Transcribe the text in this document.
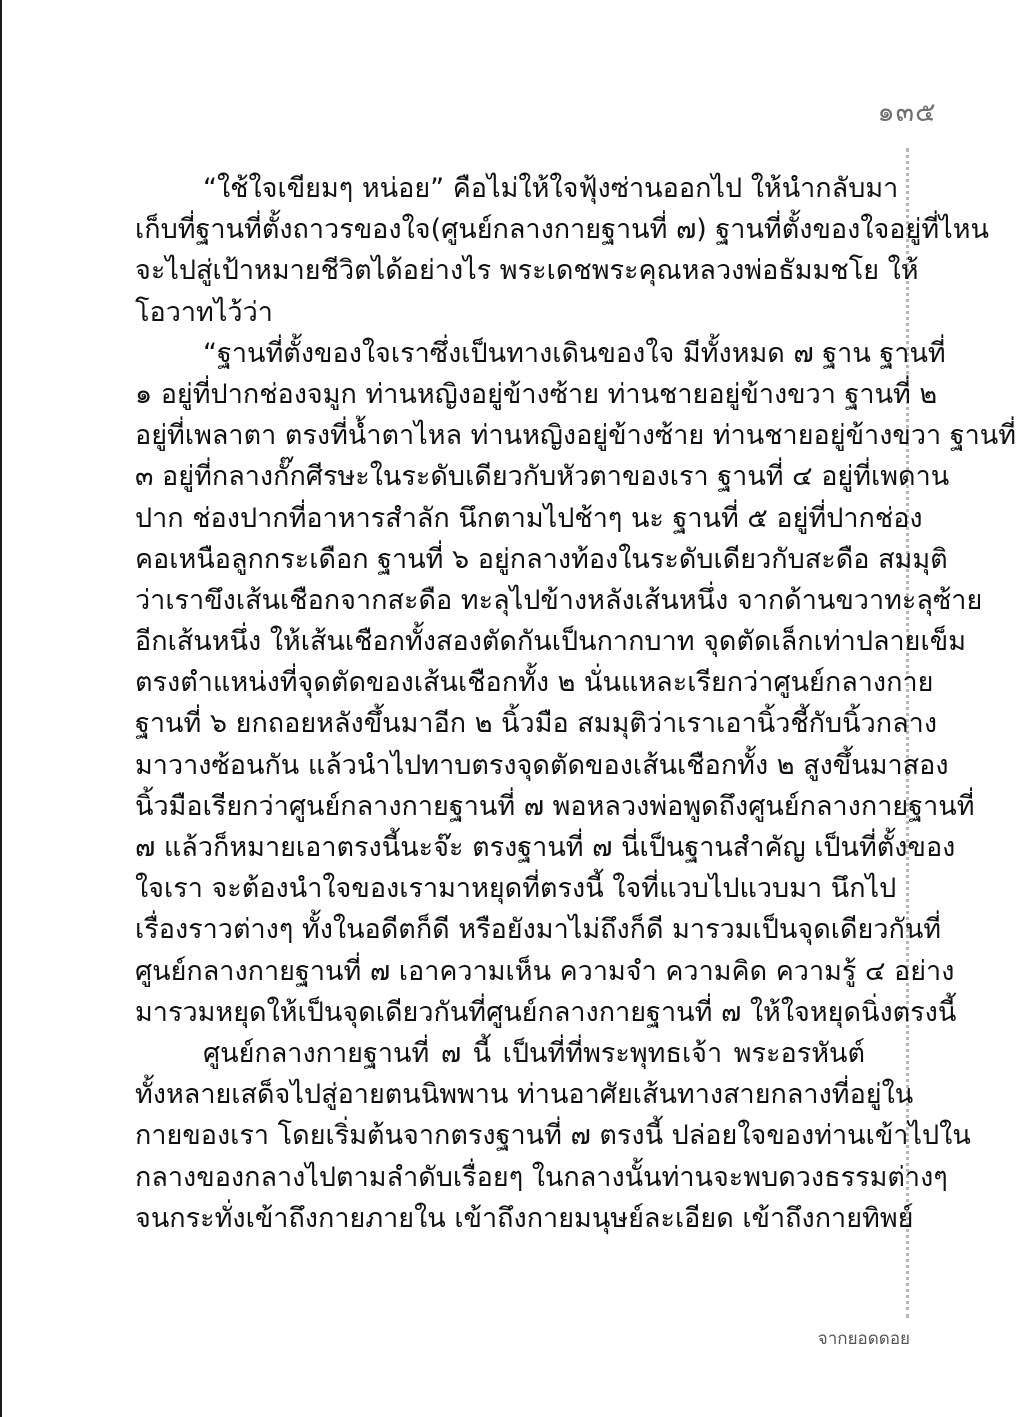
๑๓๕
“ใช้ใจเขียมๆ หน่อย” คือไม่ให้ใจฟุ้งซ่านออกไป ให้นำกลับมา
เก็บที่ฐานที่ตั้งถาวรของใจ(ศูนย์กลางกายฐานที่ ๗) ฐานที่ตั้งของใจอยู่ที่ไหน
จะไปสู่เป้าหมายชีวิตได้อย่างไร พระเดชพระคุณหลวงพ่อธัมมชโย ให้
โอวาทไว้ว่า
“ฐานที่ตั้งของใจเราซึ่งเป็นทางเดินของใจ มีทั้งหมด ๗ ฐาน ฐานที่
๑ อยู่ที่ปากช่องจมูก ท่านหญิงอยู่ข้างซ้าย ท่านชายอยู่ข้างขวา ฐานที่ ๒
อยู่ที่เพลาตา ตรงที่น้ำตาไหล ท่านหญิงอยู่ข้างซ้าย ท่านชายอยู่ข้างขวา ฐานที่
๓ อยู่ที่กลางกั๊กศีรษะในระดับเดียวกับหัวตาของเรา ฐานที่ ๔ อยู่ที่เพดาน
ปาก ช่องปากที่อาหารสำลัก นึกตามไปช้าๆ นะ ฐานที่ ๕ อยู่ที่ปากช่อง
คอเหนือลูกกระเดือก ฐานที่ ๖ อยู่กลางท้องในระดับเดียวกับสะดือ สมมุติ
ว่าเราขึงเส้นเชือกจากสะดือ ทะลุไปข้างหลังเส้นหนึ่ง จากด้านขวาทะลุซ้าย
อีกเส้นหนึ่ง ให้เส้นเชือกทั้งสองตัดกันเป็นกากบาท จุดตัดเล็กเท่าปลายเข็ม
ตรงตำแหน่งที่จุดตัดของเส้นเชือกทั้ง ๒ นั่นแหละเรียกว่าศูนย์กลางกาย
ฐานที่ ๖ ยกถอยหลังขึ้นมาอีก ๒ นิ้วมือ สมมุติว่าเราเอานิ้วชี้กับนิ้วกลาง
มาวางซ้อนกัน แล้วนำไปทาบตรงจุดตัดของเส้นเชือกทั้ง ๒ สูงขึ้นมาสอง
นิ้วมือเรียกว่าศูนย์กลางกายฐานที่ ๗ พอหลวงพ่อพูดถึงศูนย์กลางกายฐานที่
๗ แล้วก็หมายเอาตรงนี้นะจ๊ะ ตรงฐานที่ ๗ นี่เป็นฐานสำคัญ เป็นที่ตั้งของ
ใจเรา จะต้องนำใจของเรามาหยุดที่ตรงนี้ ใจที่แวบไปแวบมา นึกไป
เรื่องราวต่างๆ ทั้งในอดีตก็ดี หรือยังมาไม่ถึงก็ดี มารวมเป็นจุดเดียวกันที่
ศูนย์กลางกายฐานที่ ๗ เอาความเห็น ความจำ ความคิด ความรู้ ๔ อย่าง
มารวมหยุดให้เป็นจุดเดียวกันที่ศูนย์กลางกายฐานที่ ๗ ให้ใจหยุดนิ่งตรงนี้
ศูนย์กลางกายฐานที่ ๗ นี้ เป็นที่ที่พระพุทธเจ้า พระอรหันต์
ทั้งหลายเสด็จไปสู่อายตนนิพพาน ท่านอาศัยเส้นทางสายกลางที่อยู่ใน
กายของเรา โดยเริ่มต้นจากตรงฐานที่ ๗ ตรงนี้ ปล่อยใจของท่านเข้าไปใน
กลางของกลางไปตามลำดับเรื่อยๆ ในกลางนั้นท่านจะพบดวงธรรมต่างๆ
จนกระทั่งเข้าถึงกายภายใน เข้าถึงกายมนุษย์ละเอียด เข้าถึงกายทิพย์
จากยอดดอย
